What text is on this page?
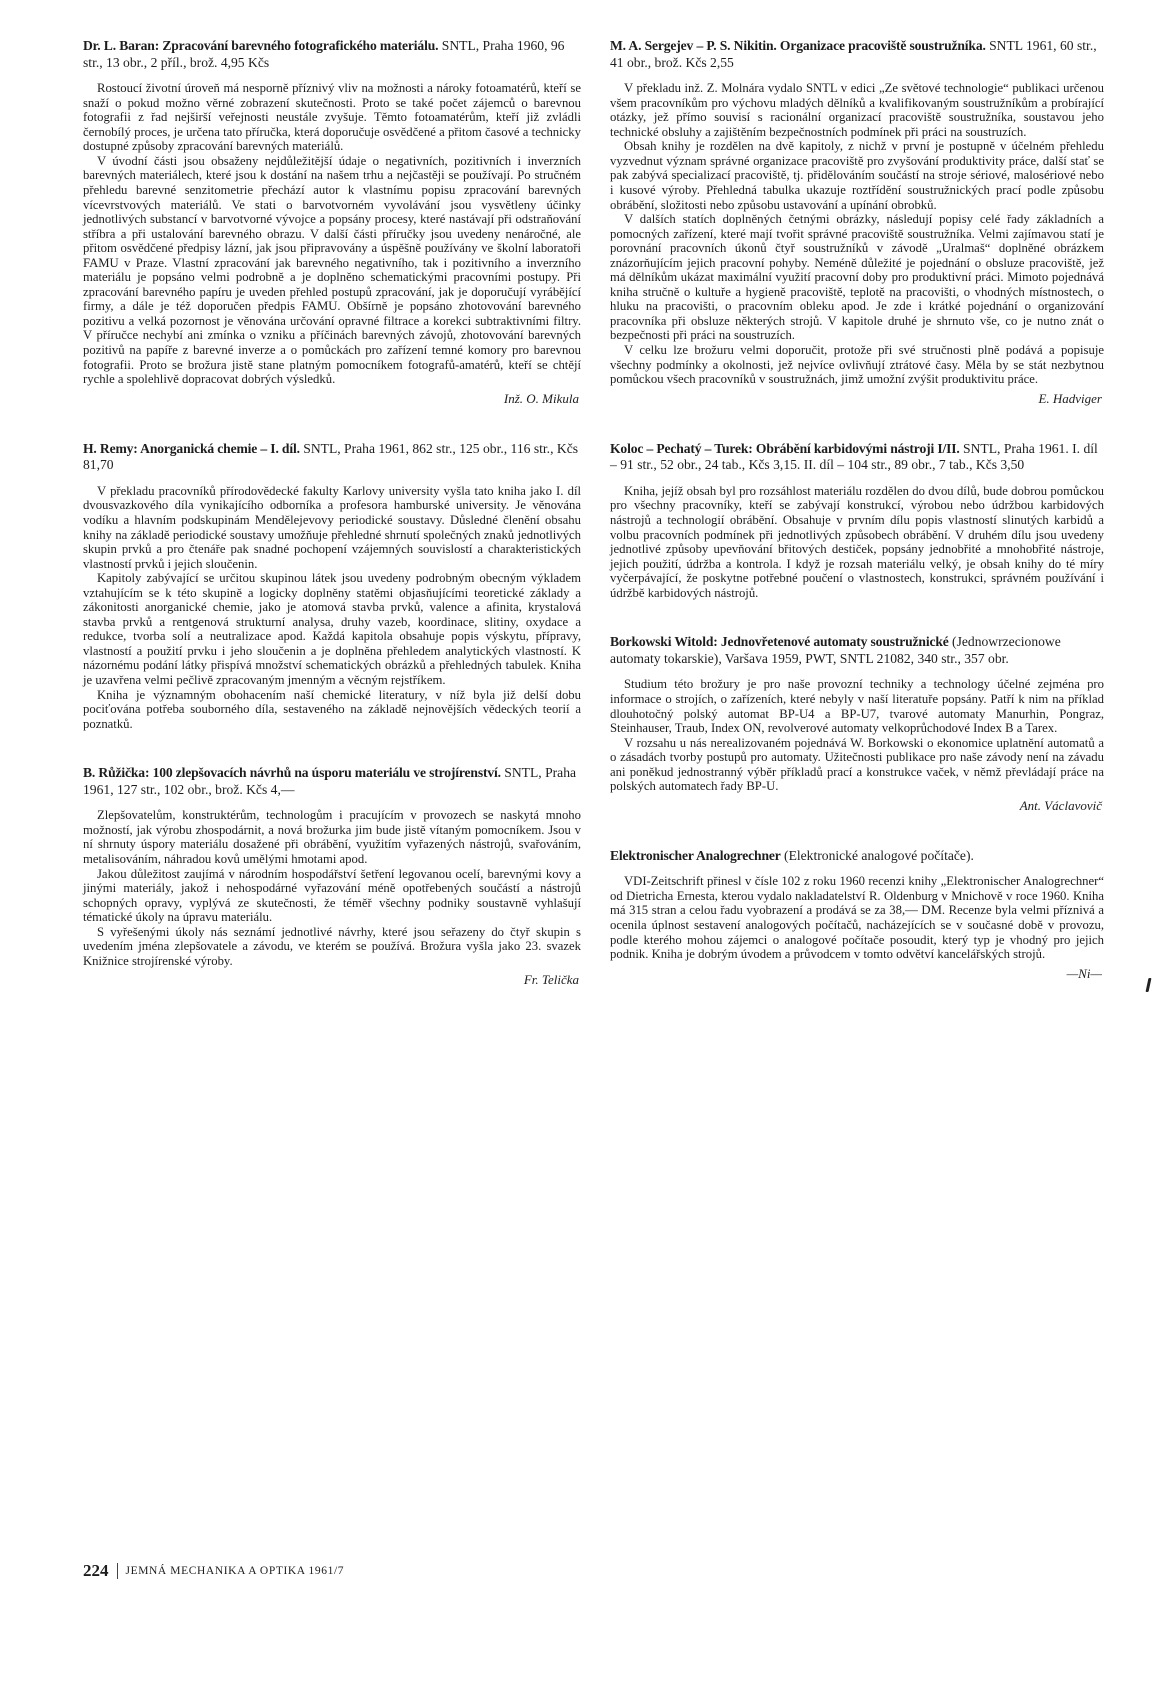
Dr. L. Baran: Zpracování barevného fotografického materiálu. SNTL, Praha 1960, 96 str., 13 obr., 2 příl., brož. 4,95 Kčs

Rostoucí životní úroveň má nesporně příznivý vliv na možnosti a nároky fotoamatérů, kteří se snaží o pokud možno věrné zobrazení skutečnosti. Proto se také počet zájemců o barevnou fotografii z řad nejširší veřejnosti neustále zvyšuje. Těmto fotoamatérům, kteří již zvládli černobílý proces, je určena tato příručka, která doporučuje osvědčené a přitom časové a technicky dostupné způsoby zpracování barevných materiálů.

V úvodní části jsou obsaženy nejdůležitější údaje o negativních, pozitivních i inverzních barevných materiálech, které jsou k dostání na našem trhu a nejčastěji se používají. Po stručném přehledu barevné senzitometrie přechází autor k vlastnímu popisu zpracování barevných vícevrstvových materiálů. Ve stati o barvotvorném vyvolávání jsou vysvětleny účinky jednotlivých substancí v barvotvorné vývojce a popsány procesy, které nastávají při odstraňování stříbra a při ustalování barevného obrazu. V další části příručky jsou uvedeny nenáročné, ale přitom osvědčené předpisy lázní, jak jsou připravovány a úspěšně používány ve školní laboratoři FAMU v Praze. Vlastní zpracování jak barevného negativního, tak i pozitivního a inverzního materiálu je popsáno velmi podrobně a je doplněno schematickými pracovními postupy. Při zpracování barevného papíru je uveden přehled postupů zpracování, jak je doporučují vyrábějící firmy, a dále je též doporučen předpis FAMU. Obšírně je popsáno zhotovování barevného pozitivu a velká pozornost je věnována určování opravné filtrace a korekci subtraktivními filtry. V příručce nechybí ani zmínka o vzniku a příčinách barevných závojů, zhotovování barevných pozitivů na papíře z barevné inverze a o pomůckách pro zařízení temné komory pro barevnou fotografii. Proto se brožura jistě stane platným pomocníkem fotografů-amatérů, kteří se chtějí rychle a spolehlivě dopracovat dobrých výsledků.

Inž. O. Mikula
H. Remy: Anorganická chemie – I. díl. SNTL, Praha 1961, 862 str., 125 obr., 116 str., Kčs 81,70

V překladu pracovníků přírodovědecké fakulty Karlovy university vyšla tato kniha jako I. díl dvousvazkového díla vynikajícího odborníka a profesora hamburské university. Je věnována vodíku a hlavním podskupinám Mendělejevovy periodické soustavy. Důsledné členění obsahu knihy na základě periodické soustavy umožňuje přehledné shrnutí společných znaků jednotlivých skupin prvků a pro čtenáře pak snadné pochopení vzájemných souvislostí a charakteristických vlastností prvků i jejich sloučenin.

Kapitoly zabývající se určitou skupinou látek jsou uvedeny podrobným obecným výkladem vztahujícím se k této skupině a logicky doplněny statěmi objasňujícími teoretické základy a zákonitosti anorganické chemie, jako je atomová stavba prvků, valence a afinita, krystalová stavba prvků a rentgenová strukturní analysa, druhy vazeb, koordinace, slitiny, oxydace a redukce, tvorba solí a neutralizace apod. Každá kapitola obsahuje popis výskytu, přípravy, vlastností a použití prvku i jeho sloučenin a je doplněna přehledem analytických vlastností. K názornému podání látky přispívá množství schematických obrázků a přehledných tabulek. Kniha je uzavřena velmi pečlivě zpracovaným jmenným a věcným rejstříkem.

Kniha je významným obohacením naší chemické literatury, v níž byla již delší dobu pociťována potřeba souborného díla, sestaveného na základě nejnovějších vědeckých teorií a poznatků.

B. Růžička: 100 zlepšovacích návrhů na úsporu materiálu ve strojírenství. SNTL, Praha 1961, 127 str., 102 obr., brož. Kčs 4,—

Zlepšovatelům, konstruktérům, technologům i pracujícím v provozech se naskytá mnoho možností, jak výrobu zhospodárnit, a nová brožurka jim bude jistě vítaným pomocníkem. Jsou v ní shrnuty úspory materiálu dosažené při obrábění, využitím vyřazených nástrojů, svařováním, metalisováním, náhradou kovů umělými hmotami apod.

Jakou důležitost zaujímá v národním hospodářství šetření legovanou ocelí, barevnými kovy a jinými materiály, jakož i nehospodárné vyřazování méně opotřebených součástí a nástrojů schopných opravy, vyplývá ze skutečnosti, že téměř všechny podniky soustavně vyhlašují tématické úkoly na úpravu materiálu.

S vyřešenými úkoly nás seznámí jednotlivé návrhy, které jsou seřazeny do čtyř skupin s uvedením jména zlepšovatele a závodu, ve kterém se používá. Brožura vyšla jako 23. svazek Knižnice strojírenské výroby.

Fr. Telička
M. A. Sergejev – P. S. Nikitin. Organizace pracoviště soustružníka. SNTL 1961, 60 str., 41 obr., brož. Kčs 2,55

V překladu inž. Z. Molnára vydalo SNTL v edici „Ze světové technologie“ publikaci určenou všem pracovníkům pro výchovu mladých dělníků a kvalifikovaným soustružníkům a probírající otázky, jež přímo souvisí s racionální organizací pracoviště soustružníka, soustavou jeho technické obsluhy a zajištěním bezpečnostních podmínek při práci na soustruzích.

Obsah knihy je rozdělen na dvě kapitoly, z nichž v první je postupně v účelném přehledu vyzvednut význam správné organizace pracoviště pro zvyšování produktivity práce, další stať se pak zabývá specializací pracoviště, tj. přidělováním součástí na stroje sériové, malosériové nebo i kusové výroby. Přehledná tabulka ukazuje roztřídění soustružnických prací podle způsobu obrábění, složitosti nebo způsobu ustavování a upínání obrobků.

V dalších statích doplněných četnými obrázky, následují popisy celé řady základních a pomocných zařízení, které mají tvořit správné pracoviště soustružníka. Velmi zajímavou statí je porovnání pracovních úkonů čtyř soustružníků v závodě „Uralmaš“ doplněné obrázkem znázorňujícím jejich pracovní pohyby. Neméně důležité je pojednání o obsluze pracoviště, jež má dělníkům ukázat maximální využití pracovní doby pro produktivní práci. Mimoto pojednává kniha stručně o kultuře a hygieně pracoviště, teplotě na pracovišti, o vhodných místnostech, o hluku na pracovišti, o pracovním obleku apod. Je zde i krátké pojednání o organizování pracovníka při obsluze některých strojů. V kapitole druhé je shrnuto vše, co je nutno znát o bezpečnosti při práci na soustruzích.

V celku lze brožuru velmi doporučit, protože při své stručnosti plně podává a popisuje všechny podmínky a okolnosti, jež nejvíce ovlivňují ztrátové časy. Měla by se stát nezbytnou pomůckou všech pracovníků v soustružnách, jimž umožní zvýšit produktivitu práce.

E. Hadviger
Koloc – Pechatý – Turek: Obrábění karbidovými nástroji I/II. SNTL, Praha 1961. I. díl – 91 str., 52 obr., 24 tab., Kčs 3,15. II. díl – 104 str., 89 obr., 7 tab., Kčs 3,50

Kniha, jejíž obsah byl pro rozsáhlost materiálu rozdělen do dvou dílů, bude dobrou pomůckou pro všechny pracovníky, kteří se zabývají konstrukcí, výrobou nebo údržbou karbidových nástrojů a technologií obrábění. Obsahuje v prvním dílu popis vlastností slinutých karbidů a volbu pracovních podmínek při jednotlivých způsobech obrábění. V druhém dílu jsou uvedeny jednotlivé způsoby upevňování břitových destiček, popsány jednobřité a mnohobřité nástroje, jejich použití, údržba a kontrola. I když je rozsah materiálu velký, je obsah knihy do té míry vyčerpávající, že poskytne potřebné poučení o vlastnostech, konstrukci, správném používání i údržbě karbidových nástrojů.

Borkowski Witold: Jednovřetenové automaty soustružnické (Jednowrzecionowe automaty tokarskie), Varšava 1959, PWT, SNTL 21082, 340 str., 357 obr.

Studium této brožury je pro naše provozní techniky a technology účelné zejména pro informace o strojích, o zařízeních, které nebyly v naší literatuře popsány. Patří k nim na příklad dlouhotočný polský automat BP-U4 a BP-U7, tvarové automaty Manurhin, Pongraz, Steinhauser, Traub, Index ON, revolverové automaty velkoprůchodové Index B a Tarex.

V rozsahu u nás nerealizovaném pojednává W. Borkowski o ekonomice uplatnění automatů a o zásadách tvorby postupů pro automaty. Užitečnosti publikace pro naše závody není na závadu ani poněkud jednostranný výběr příkladů prací a konstrukce vaček, v němž převládají práce na polských automatech řady BP-U.

Ant. Václavovič
Elektronischer Analogrechner (Elektronické analogové počítače).

VDI-Zeitschrift přinesl v čísle 102 z roku 1960 recenzi knihy „Elektronischer Analogrechner“ od Dietricha Ernesta, kterou vydalo nakladatelství R. Oldenburg v Mnichově v roce 1960. Kniha má 315 stran a celou řadu vyobrazení a prodává se za 38,— DM. Recenze byla velmi příznivá a ocenila úplnost sestavení analogových počítačů, nacházejících se v současné době v provozu, podle kterého mohou zájemci o analogové počítače posoudit, který typ je vhodný pro jejich podnik. Kniha je dobrým úvodem a průvodcem v tomto odvětví kancelářských strojů.

—Ni—
224 JEMNÁ MECHANIKA A OPTIKA 1961/7
